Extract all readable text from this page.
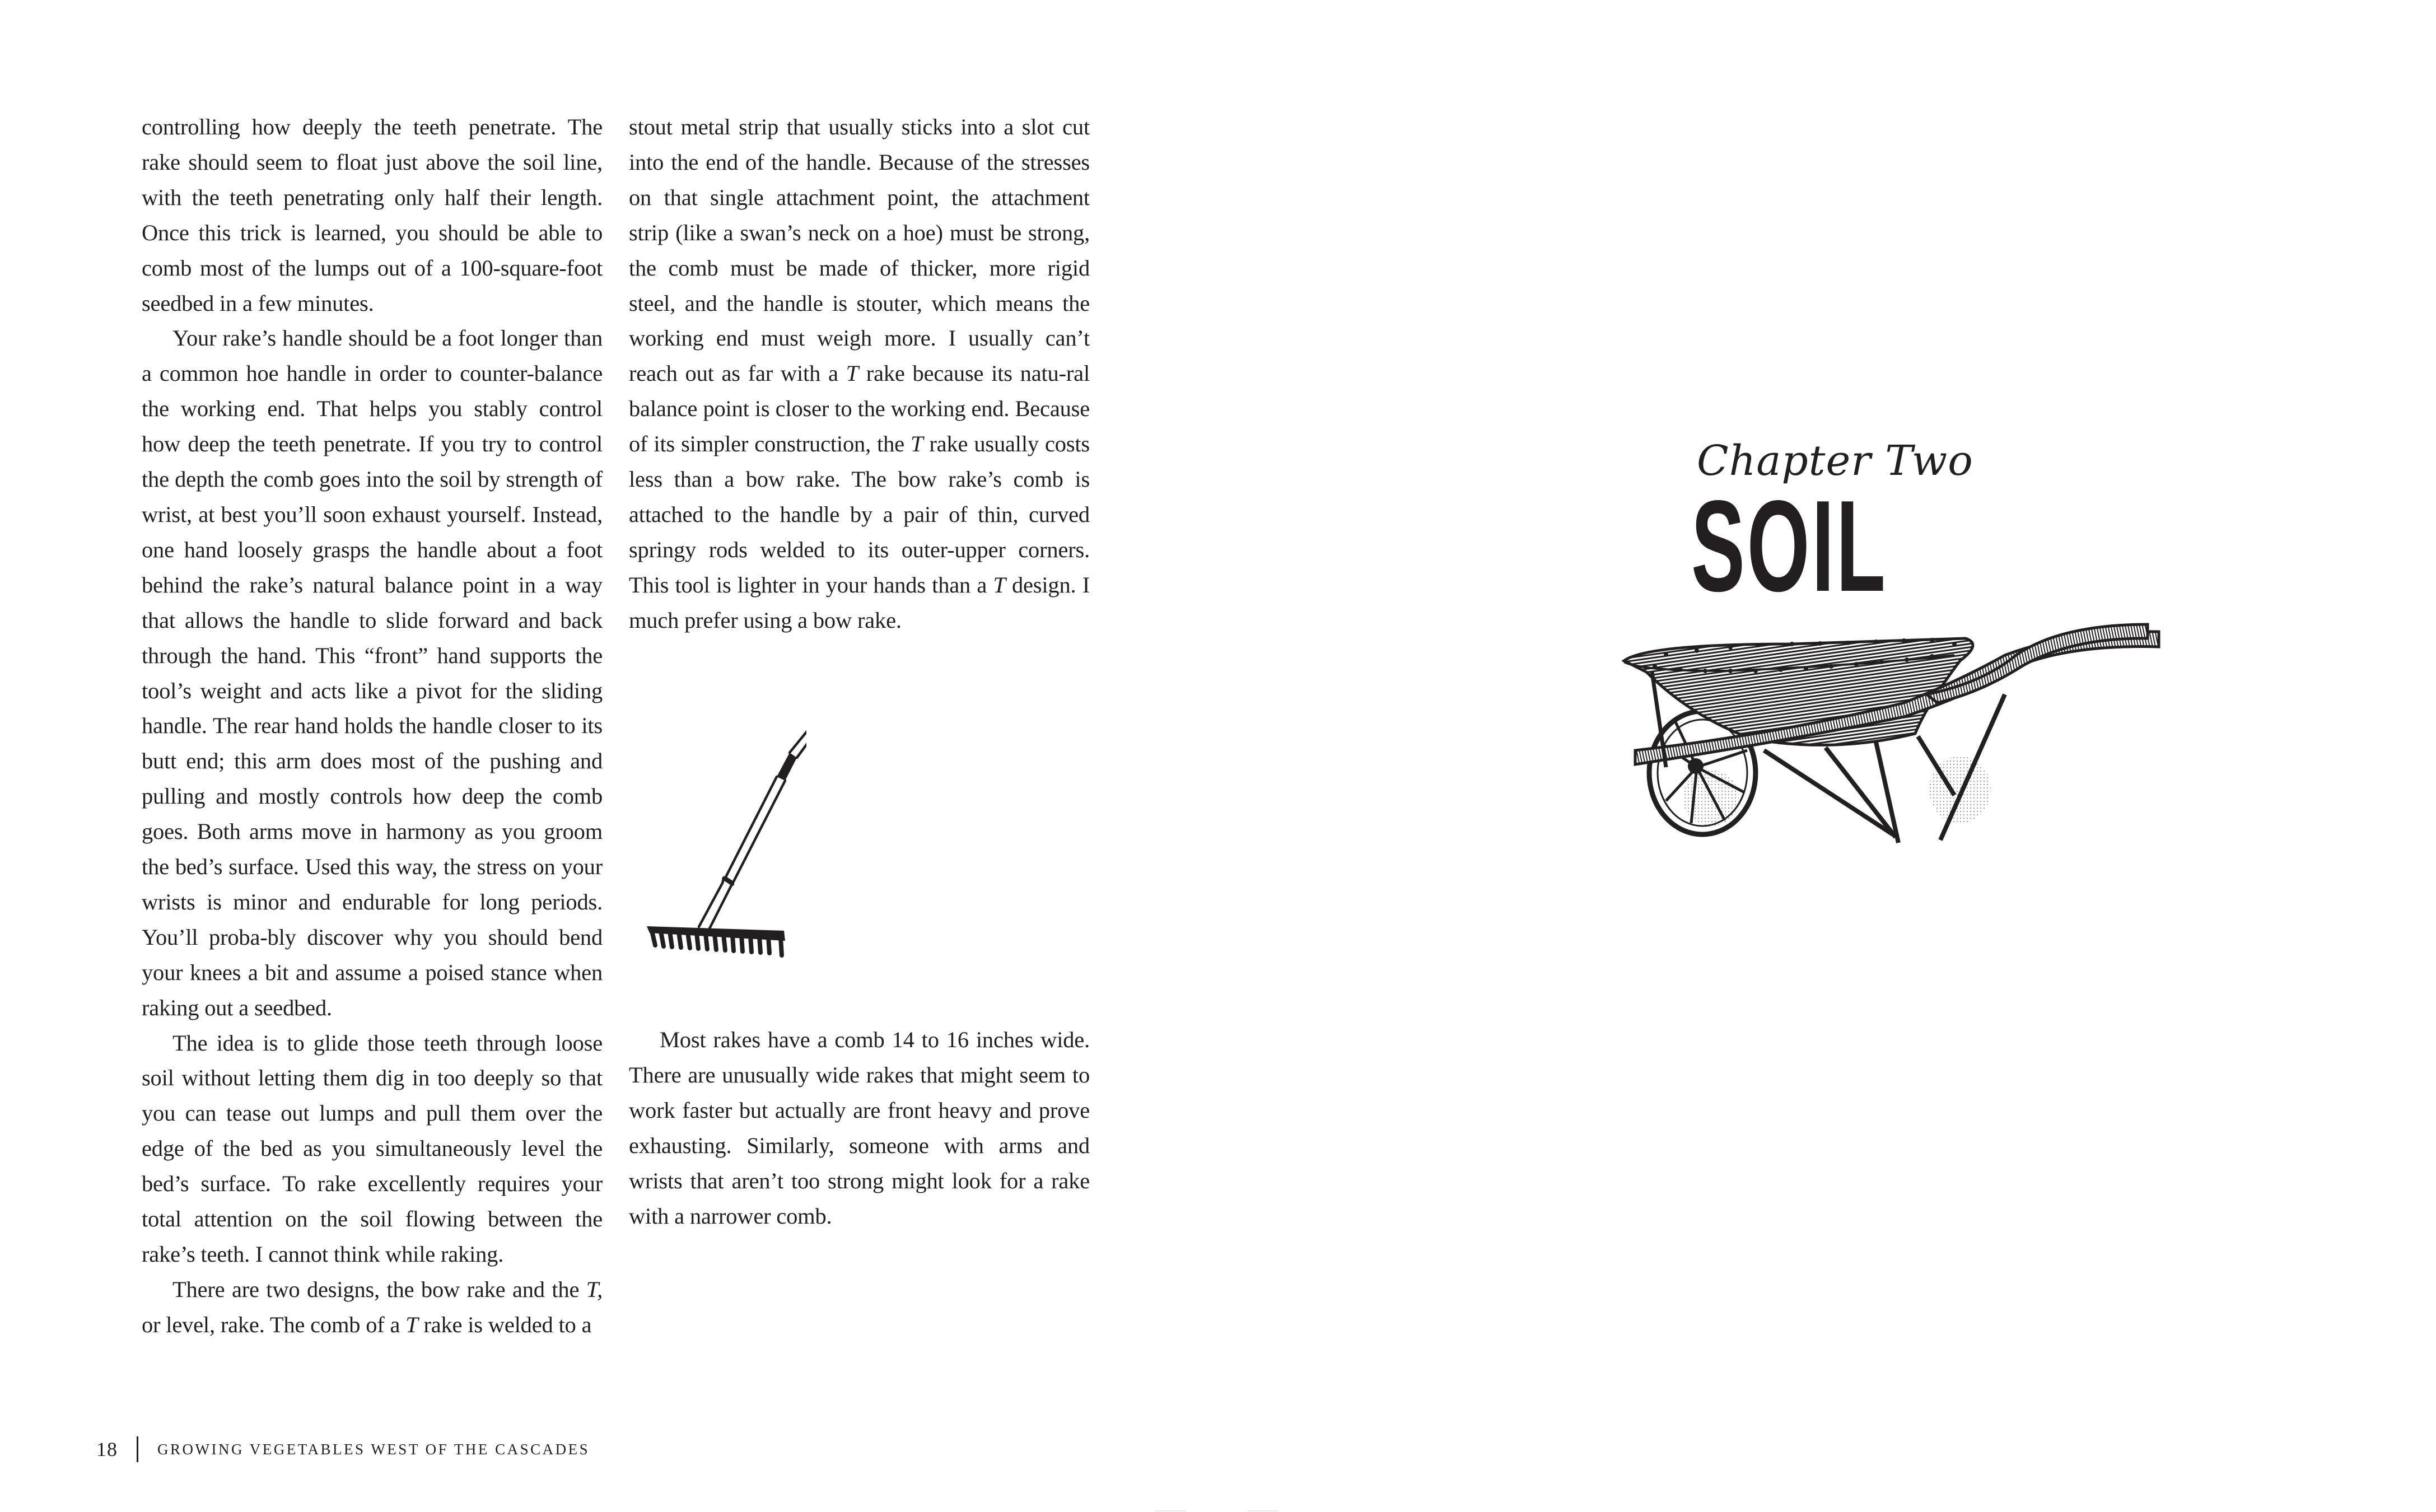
controlling how deeply the teeth penetrate. The rake should seem to float just above the soil line, with the teeth penetrating only half their length. Once this trick is learned, you should be able to comb most of the lumps out of a 100-square-foot seedbed in a few minutes.

Your rake’s handle should be a foot longer than a common hoe handle in order to counter-balance the working end. That helps you stably control how deep the teeth penetrate. If you try to control the depth the comb goes into the soil by strength of wrist, at best you’ll soon exhaust yourself. Instead, one hand loosely grasps the handle about a foot behind the rake’s natural balance point in a way that allows the handle to slide forward and back through the hand. This “front” hand supports the tool’s weight and acts like a pivot for the sliding handle. The rear hand holds the handle closer to its butt end; this arm does most of the pushing and pulling and mostly controls how deep the comb goes. Both arms move in harmony as you groom the bed’s surface. Used this way, the stress on your wrists is minor and endurable for long periods. You’ll proba-bly discover why you should bend your knees a bit and assume a poised stance when raking out a seedbed.

The idea is to glide those teeth through loose soil without letting them dig in too deeply so that you can tease out lumps and pull them over the edge of the bed as you simultaneously level the bed’s surface. To rake excellently requires your total attention on the soil flowing between the rake’s teeth. I cannot think while raking.

There are two designs, the bow rake and the T, or level, rake. The comb of a T rake is welded to a

stout metal strip that usually sticks into a slot cut into the end of the handle. Because of the stresses on that single attachment point, the attachment strip (like a swan’s neck on a hoe) must be strong, the comb must be made of thicker, more rigid steel, and the handle is stouter, which means the working end must weigh more. I usually can’t reach out as far with a T rake because its natu-ral balance point is closer to the working end. Because of its simpler construction, the T rake usually costs less than a bow rake. The bow rake’s comb is attached to the handle by a pair of thin, curved springy rods welded to its outer-upper corners. This tool is lighter in your hands than a T design. I much prefer using a bow rake.

Most rakes have a comb 14 to 16 inches wide. There are unusually wide rakes that might seem to work faster but actually are front heavy and prove exhausting. Similarly, someone with arms and wrists that aren’t too strong might look for a rake with a narrower comb.

18	GROWING VEGETABLES WEST OF THE CASCADES
Chapter Two
SOIL
